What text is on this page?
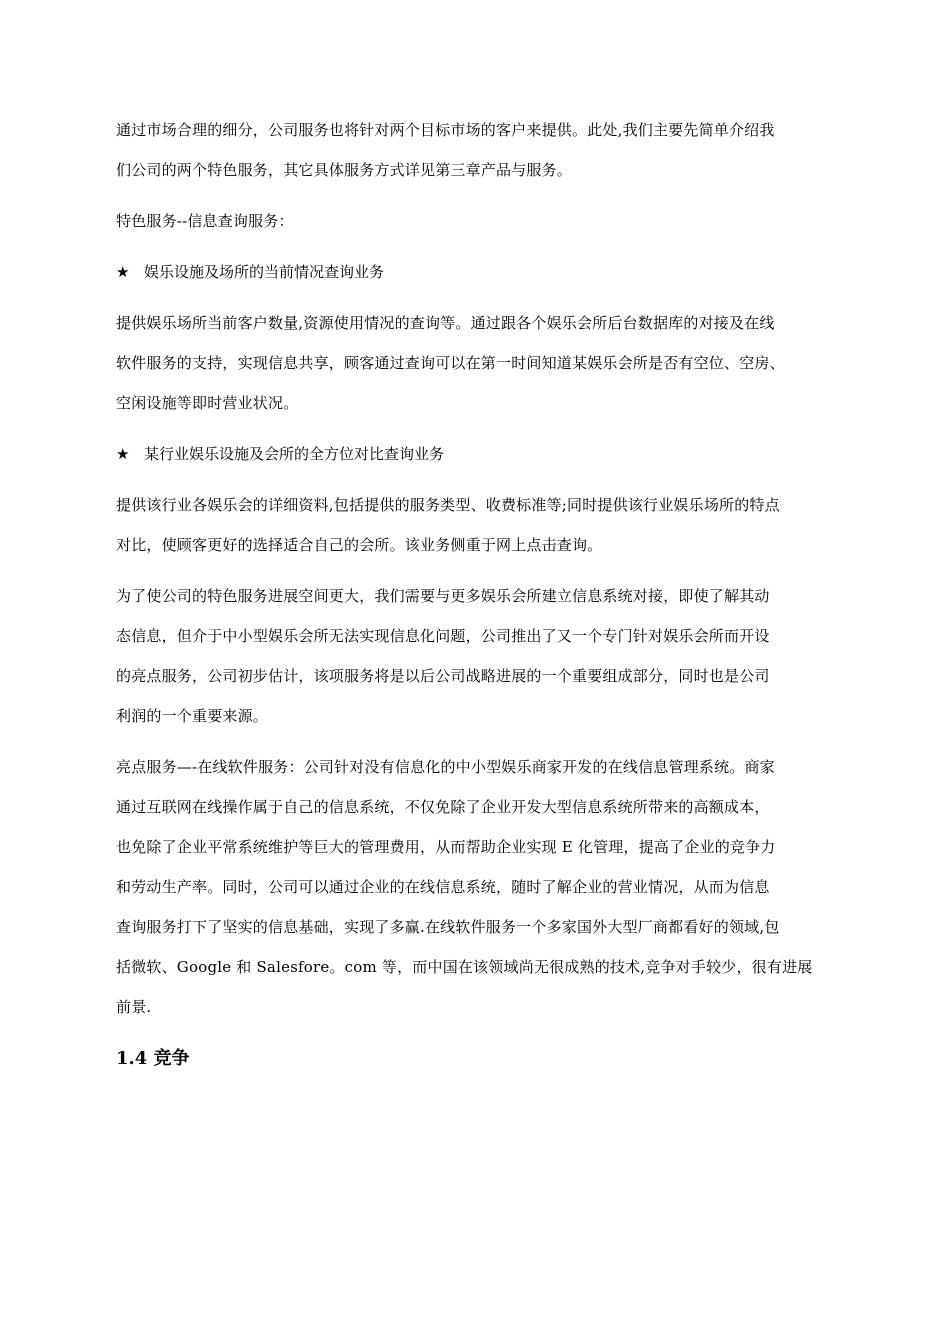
通过市场合理的细分，公司服务也将针对两个目标市场的客户来提供。此处,我们主要先简单介绍我
们公司的两个特色服务，其它具体服务方式详见第三章产品与服务。

特色服务--信息查询服务：

★ 娱乐设施及场所的当前情况查询业务

提供娱乐场所当前客户数量,资源使用情况的查询等。通过跟各个娱乐会所后台数据库的对接及在线
软件服务的支持，实现信息共享，顾客通过查询可以在第一时间知道某娱乐会所是否有空位、空房、
空闲设施等即时营业状况。

★ 某行业娱乐设施及会所的全方位对比查询业务

提供该行业各娱乐会的详细资料,包括提供的服务类型、收费标准等;同时提供该行业娱乐场所的特点
对比，使顾客更好的选择适合自己的会所。该业务侧重于网上点击查询。

为了使公司的特色服务进展空间更大，我们需要与更多娱乐会所建立信息系统对接，即使了解其动
态信息，但介于中小型娱乐会所无法实现信息化问题，公司推出了又一个专门针对娱乐会所而开设
的亮点服务，公司初步估计，该项服务将是以后公司战略进展的一个重要组成部分，同时也是公司
利润的一个重要来源。

亮点服务—-在线软件服务：公司针对没有信息化的中小型娱乐商家开发的在线信息管理系统。商家
通过互联网在线操作属于自己的信息系统，不仅免除了企业开发大型信息系统所带来的高额成本，
也免除了企业平常系统维护等巨大的管理费用，从而帮助企业实现 E 化管理，提高了企业的竞争力
和劳动生产率。同时，公司可以通过企业的在线信息系统，随时了解企业的营业情况，从而为信息
查询服务打下了坚实的信息基础，实现了多赢.在线软件服务一个多家国外大型厂商都看好的领域,包
括微软、Google 和 Salesfore。com 等，而中国在该领域尚无很成熟的技术,竞争对手较少，很有进展
前景.

1.4 竞争
